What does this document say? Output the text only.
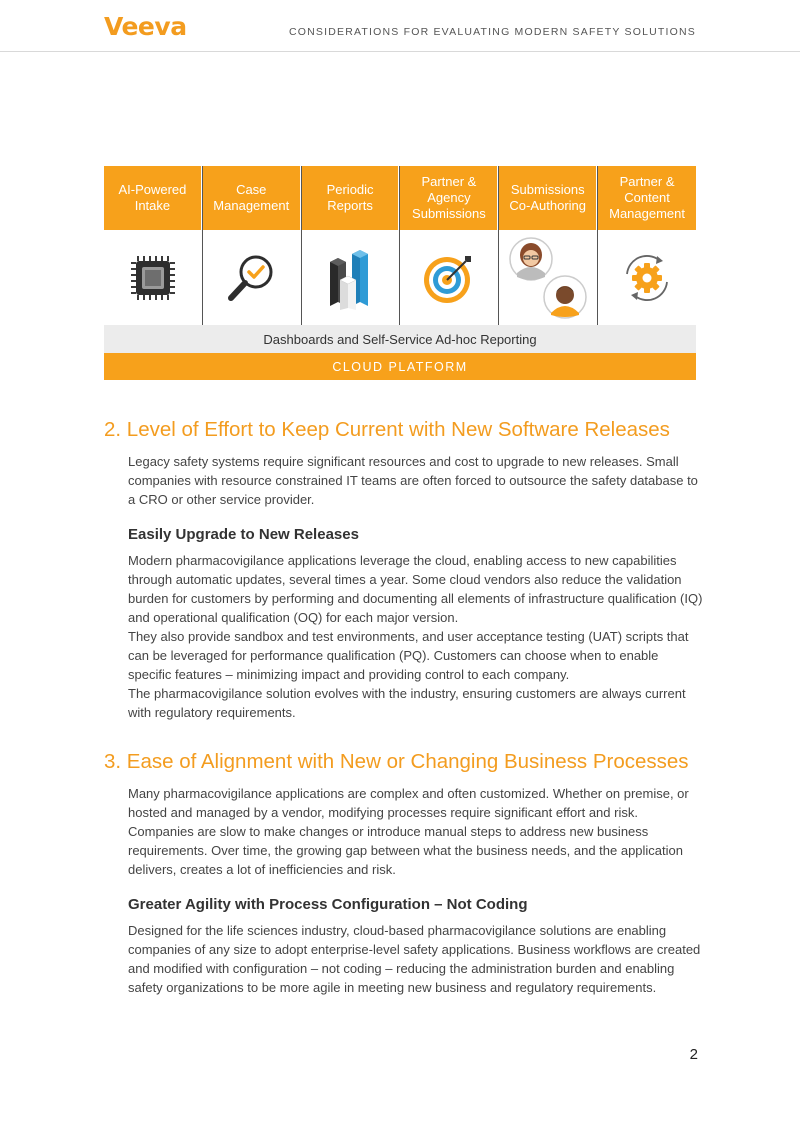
Veeva	CONSIDERATIONS FOR EVALUATING MODERN SAFETY SOLUTIONS
AI-Powered
Intake
Case
Management
Periodic
Reports
Partner &
Agency
Submissions
Submissions
Co-Authoring
Partner &
Content
Management
Dashboards and Self-Service Ad-hoc Reporting
CLOUD PLATFORM
2. Level of Effort to Keep Current with New Software Releases

Legacy safety systems require significant resources and cost to upgrade to new releases. Small companies with resource constrained IT teams are often forced to outsource the safety database to a CRO or other service provider.

Easily Upgrade to New Releases

Modern pharmacovigilance applications leverage the cloud, enabling access to new capabilities through automatic updates, several times a year. Some cloud vendors also reduce the validation burden for customers by performing and documenting all elements of infrastructure qualification (IQ) and operational qualification (OQ) for each major version.

They also provide sandbox and test environments, and user acceptance testing (UAT) scripts that can be leveraged for performance qualification (PQ). Customers can choose when to enable specific features – minimizing impact and providing control to each company.

The pharmacovigilance solution evolves with the industry, ensuring customers are always current with regulatory requirements.

3. Ease of Alignment with New or Changing Business Processes

Many pharmacovigilance applications are complex and often customized. Whether on premise, or hosted and managed by a vendor, modifying processes require significant effort and risk. Companies are slow to make changes or introduce manual steps to address new business requirements. Over time, the growing gap between what the business needs, and the application delivers, creates a lot of inefficiencies and risk.

Greater Agility with Process Configuration – Not Coding

Designed for the life sciences industry, cloud-based pharmacovigilance solutions are enabling companies of any size to adopt enterprise-level safety applications. Business workflows are created and modified with configuration – not coding – reducing the administration burden and enabling safety organizations to be more agile in meeting new business and regulatory requirements.

2
